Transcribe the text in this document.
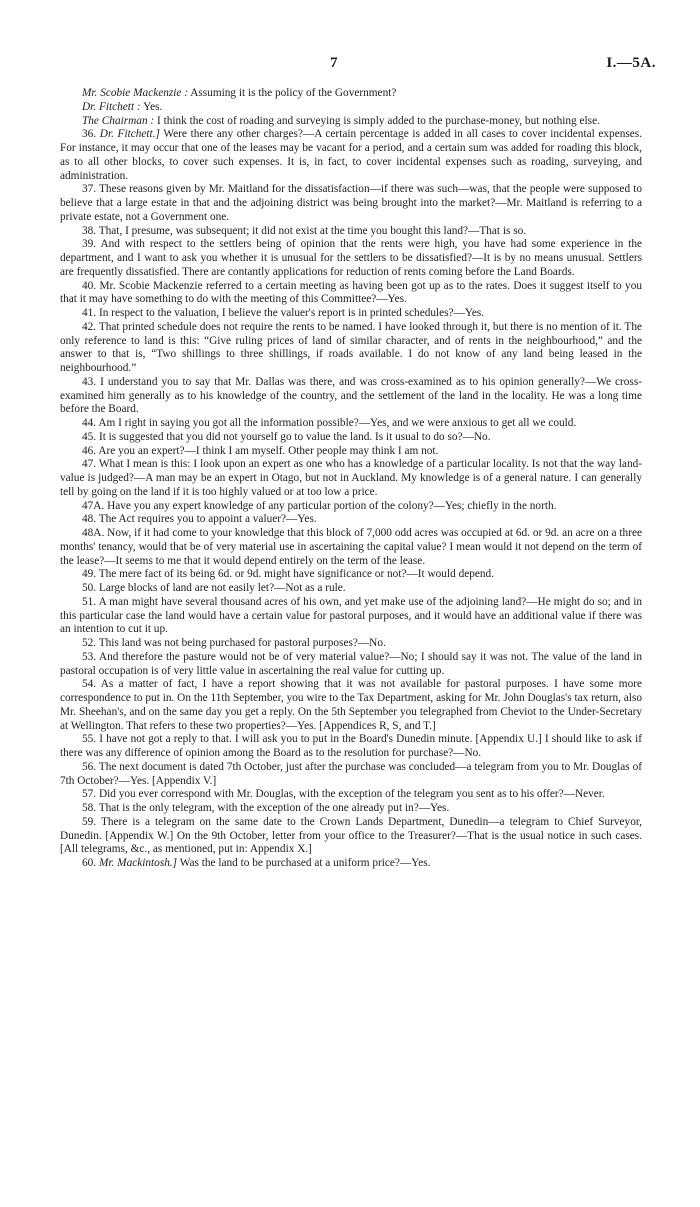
7	I.—5A.

Mr. Scobie Mackenzie : Assuming it is the policy of the Government?

Dr. Fitchett : Yes.

The Chairman : I think the cost of roading and surveying is simply added to the purchase-money, but nothing else.

36. Dr. Fitchett.] Were there any other charges?—A certain percentage is added in all cases to cover incidental expenses. For instance, it may occur that one of the leases may be vacant for a period, and a certain sum was added for roading this block, as to all other blocks, to cover such expenses. It is, in fact, to cover incidental expenses such as roading, surveying, and administration.

37. These reasons given by Mr. Maitland for the dissatisfaction—if there was such—was, that the people were supposed to believe that a large estate in that and the adjoining district was being brought into the market?—Mr. Maitland is referring to a private estate, not a Government one.

38. That, I presume, was subsequent; it did not exist at the time you bought this land?—That is so.

39. And with respect to the settlers being of opinion that the rents were high, you have had some experience in the department, and I want to ask you whether it is unusual for the settlers to be dissatisfied?—It is by no means unusual. Settlers are frequently dissatisfied. There are contantly applications for reduction of rents coming before the Land Boards.

40. Mr. Scobie Mackenzie referred to a certain meeting as having been got up as to the rates. Does it suggest itself to you that it may have something to do with the meeting of this Committee?—Yes.

41. In respect to the valuation, I believe the valuer's report is in printed schedules?—Yes.

42. That printed schedule does not require the rents to be named. I have looked through it, but there is no mention of it. The only reference to land is this: “Give ruling prices of land of similar character, and of rents in the neighbourhood,” and the answer to that is, “Two shillings to three shillings, if roads available. I do not know of any land being leased in the neighbourhood.”

43. I understand you to say that Mr. Dallas was there, and was cross-examined as to his opinion generally?—We cross-examined him generally as to his knowledge of the country, and the settlement of the land in the locality. He was a long time before the Board.

44. Am I right in saying you got all the information possible?—Yes, and we were anxious to get all we could.

45. It is suggested that you did not yourself go to value the land. Is it usual to do so?—No.

46. Are you an expert?—I think I am myself. Other people may think I am not.

47. What I mean is this: I look upon an expert as one who has a knowledge of a particular locality. Is not that the way land-value is judged?—A man may be an expert in Otago, but not in Auckland. My knowledge is of a general nature. I can generally tell by going on the land if it is too highly valued or at too low a price.

47A. Have you any expert knowledge of any particular portion of the colony?—Yes; chiefly in the north.

48. The Act requires you to appoint a valuer?—Yes.

48A. Now, if it had come to your knowledge that this block of 7,000 odd acres was occupied at 6d. or 9d. an acre on a three months' tenancy, would that be of very material use in ascertaining the capital value? I mean would it not depend on the term of the lease?—It seems to me that it would depend entirely on the term of the lease.

49. The mere fact of its being 6d. or 9d. might have significance or not?—It would depend.

50. Large blocks of land are not easily let?—Not as a rule.

51. A man might have several thousand acres of his own, and yet make use of the adjoining land?—He might do so; and in this particular case the land would have a certain value for pastoral purposes, and it would have an additional value if there was an intention to cut it up.

52. This land was not being purchased for pastoral purposes?—No.

53. And therefore the pasture would not be of very material value?—No; I should say it was not. The value of the land in pastoral occupation is of very little value in ascertaining the real value for cutting up.

54. As a matter of fact, I have a report showing that it was not available for pastoral purposes. I have some more correspondence to put in. On the 11th September, you wire to the Tax Department, asking for Mr. John Douglas's tax return, also Mr. Sheehan's, and on the same day you get a reply. On the 5th September you telegraphed from Cheviot to the Under-Secretary at Wellington. That refers to these two properties?—Yes. [Appendices R, S, and T.]

55. I have not got a reply to that. I will ask you to put in the Board's Dunedin minute. [Appendix U.] I should like to ask if there was any difference of opinion among the Board as to the resolution for purchase?—No.

56. The next document is dated 7th October, just after the purchase was concluded—a telegram from you to Mr. Douglas of 7th October?—Yes. [Appendix V.]

57. Did you ever correspond with Mr. Douglas, with the exception of the telegram you sent as to his offer?—Never.

58. That is the only telegram, with the exception of the one already put in?—Yes.

59. There is a telegram on the same date to the Crown Lands Department, Dunedin—a telegram to Chief Surveyor, Dunedin. [Appendix W.] On the 9th October, letter from your office to the Treasurer?—That is the usual notice in such cases. [All telegrams, &c., as mentioned, put in: Appendix X.]

60. Mr. Mackintosh.] Was the land to be purchased at a uniform price?—Yes.
